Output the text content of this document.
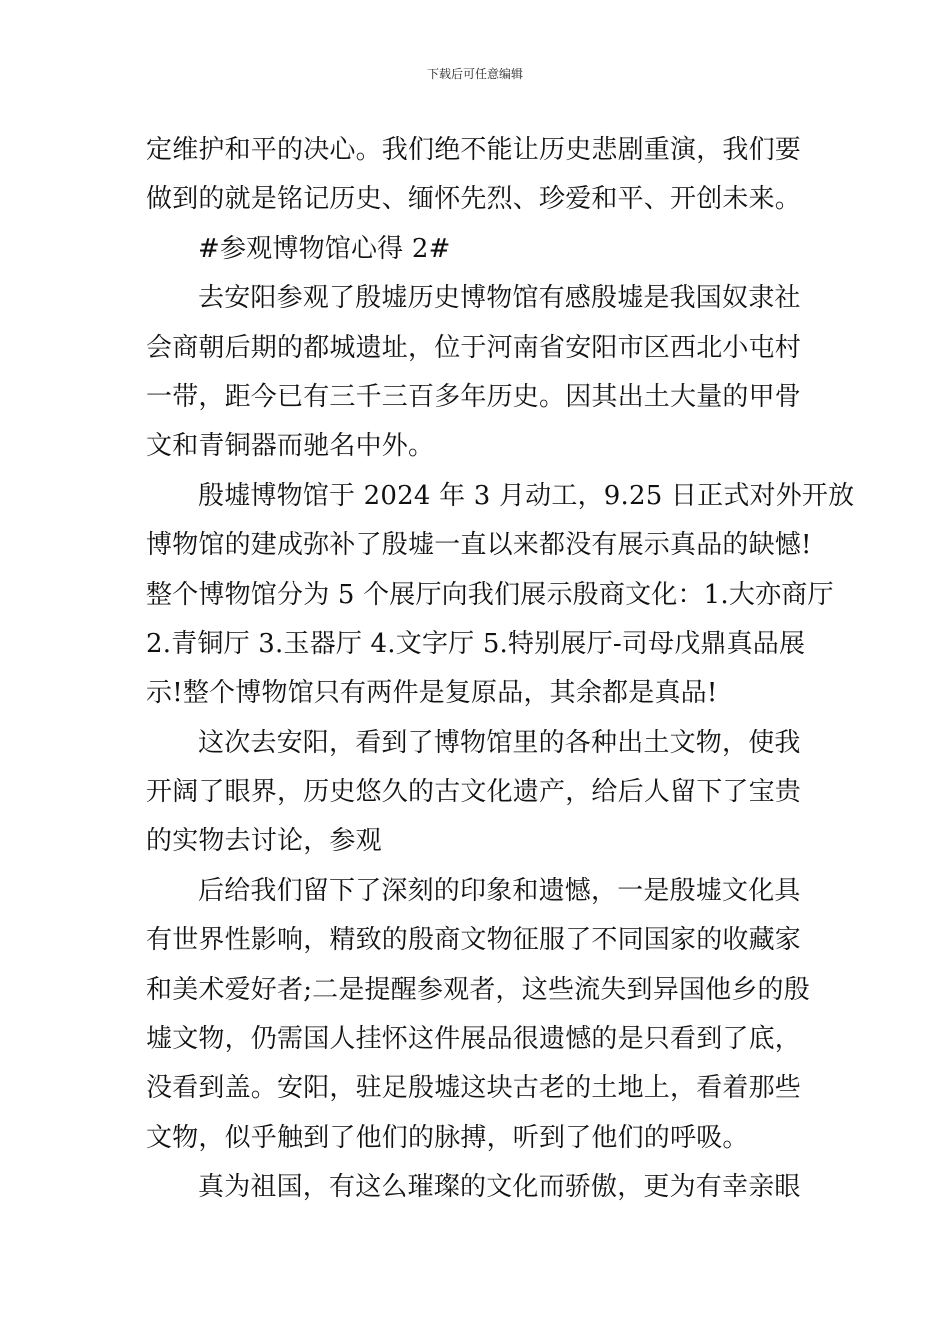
下载后可任意编辑
定维护和平的决心。我们绝不能让历史悲剧重演，我们要
做到的就是铭记历史、缅怀先烈、珍爱和平、开创未来。
#参观博物馆心得 2#
去安阳参观了殷墟历史博物馆有感殷墟是我国奴隶社
会商朝后期的都城遗址，位于河南省安阳市区西北小屯村
一带，距今已有三千三百多年历史。因其出土大量的甲骨
文和青铜器而驰名中外。
殷墟博物馆于 2024 年 3 月动工，9.25 日正式对外开放
博物馆的建成弥补了殷墟一直以来都没有展示真品的缺憾!
整个博物馆分为 5 个展厅向我们展示殷商文化：1.大亦商厅
2.青铜厅 3.玉器厅 4.文字厅 5.特别展厅-司母戊鼎真品展
示!整个博物馆只有两件是复原品，其余都是真品!
这次去安阳，看到了博物馆里的各种出土文物，使我
开阔了眼界，历史悠久的古文化遗产，给后人留下了宝贵
的实物去讨论，参观
后给我们留下了深刻的印象和遗憾，一是殷墟文化具
有世界性影响，精致的殷商文物征服了不同国家的收藏家
和美术爱好者;二是提醒参观者，这些流失到异国他乡的殷
墟文物，仍需国人挂怀这件展品很遗憾的是只看到了底，
没看到盖。安阳，驻足殷墟这块古老的土地上，看着那些
文物，似乎触到了他们的脉搏，听到了他们的呼吸。
真为祖国，有这么璀璨的文化而骄傲，更为有幸亲眼
